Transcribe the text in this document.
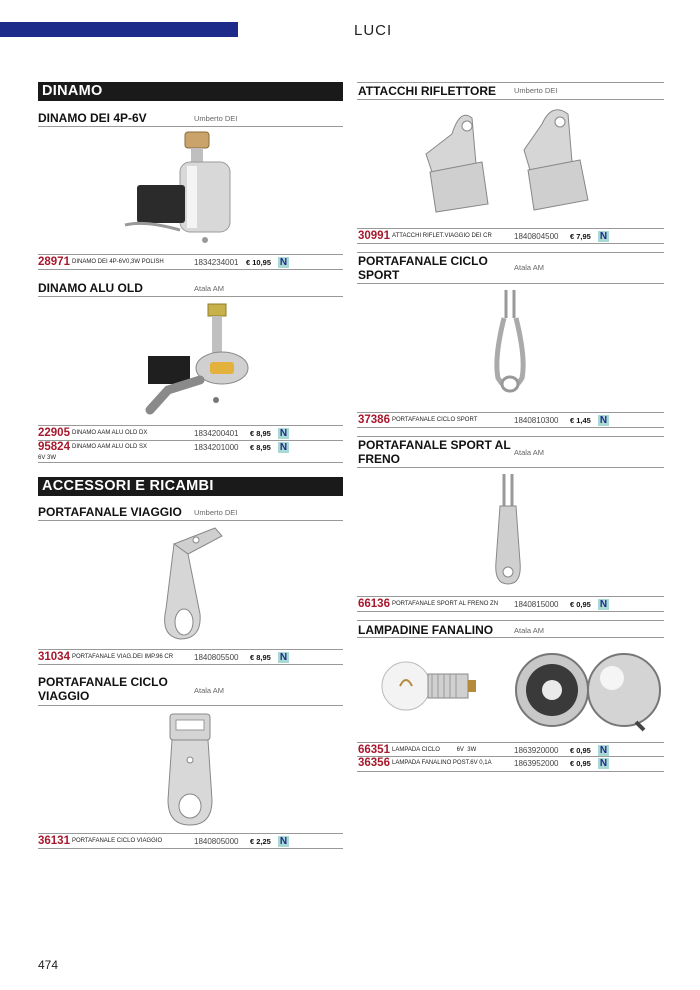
LUCI
DINAMO
DINAMO DEI 4P-6V	Umberto DEI
28971 DINAMO DEI 4P-6V0,3W POLISH	1834234001 € 10,95 N
DINAMO ALU OLD	Atala AM
22905 DINAMO AAM ALU OLD DX	1834200401 € 8,95 N
95824 DINAMO AAM ALU OLD SX	1834201000 € 8,95 N
6V 3W
ACCESSORI E RICAMBI
PORTAFANALE VIAGGIO Umberto DEI
31034 PORTAFANALE VIAG.DEI IMP.96 CR	1840805500 € 8,95 N
PORTAFANALE CICLO
VIAGGIO	Atala AM
36131 PORTAFANALE CICLO VIAGGIO	1840805000 € 2,25 N
ATTACCHI RIFLETTORE Umberto DEI
30991 ATTACCHI RIFLET.VIAGGIO DEI CR	1840804500 € 7,95 N
PORTAFANALE CICLO
SPORT
Atala AM
37386 PORTAFANALE CICLO SPORT	1840810300 € 1,45 N
PORTAFANALE SPORT AL
FRENO	Atala AM
66136 PORTAFANALE SPORT AL FRENO ZN 1840815000 € 0,95 N
LAMPADINE FANALINO	Atala AM
66351 LAMPADA CICLO          6V  3W	1863920000 € 0,95 N
36356 LAMPADA FANALINO POST.6V 0,1A	1863952000 € 0,95 N
474
